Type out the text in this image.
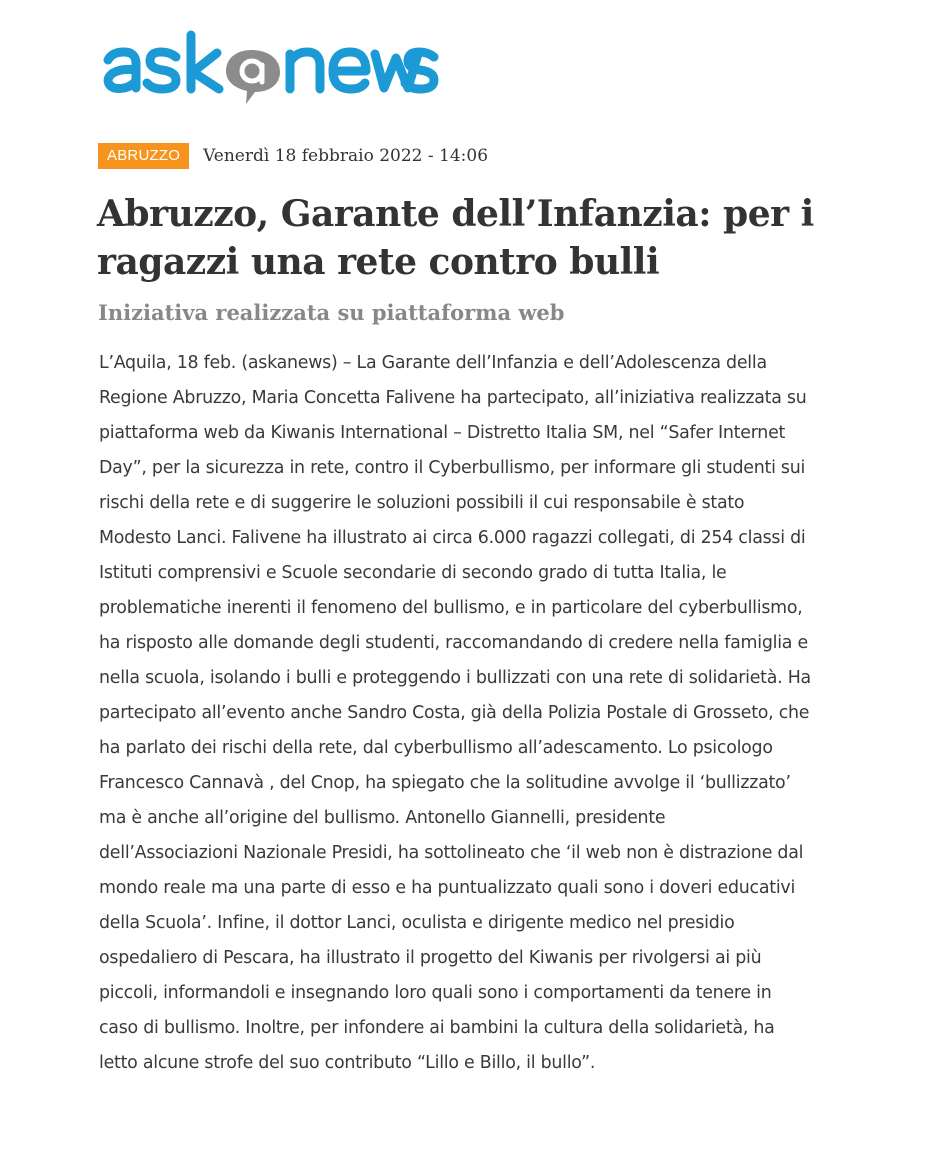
ABRUZZO	Venerdì 18 febbraio 2022 - 14:06
Abruzzo, Garante dell’Infanzia: per i
ragazzi una rete contro bulli
Iniziativa realizzata su piattaforma web
L’Aquila, 18 feb. (askanews) – La Garante dell’Infanzia e dell’Adolescenza della
Regione Abruzzo, Maria Concetta Falivene ha partecipato, all’iniziativa realizzata su
piattaforma web da Kiwanis International – Distretto Italia SM, nel “Safer Internet
Day”, per la sicurezza in rete, contro il Cyberbullismo, per informare gli studenti sui
rischi della rete e di suggerire le soluzioni possibili il cui responsabile è stato
Modesto Lanci. Falivene ha illustrato ai circa 6.000 ragazzi collegati, di 254 classi di
Istituti comprensivi e Scuole secondarie di secondo grado di tutta Italia, le
problematiche inerenti il fenomeno del bullismo, e in particolare del cyberbullismo,
ha risposto alle domande degli studenti, raccomandando di credere nella famiglia e
nella scuola, isolando i bulli e proteggendo i bullizzati con una rete di solidarietà. Ha
partecipato all’evento anche Sandro Costa, già della Polizia Postale di Grosseto, che
ha parlato dei rischi della rete, dal cyberbullismo all’adescamento. Lo psicologo
Francesco Cannavà , del Cnop, ha spiegato che la solitudine avvolge il ‘bullizzato’
ma è anche all’origine del bullismo. Antonello Giannelli, presidente
dell’Associazioni Nazionale Presidi, ha sottolineato che ‘il web non è distrazione dal
mondo reale ma una parte di esso e ha puntualizzato quali sono i doveri educativi
della Scuola’. Infine, il dottor Lanci, oculista e dirigente medico nel presidio
ospedaliero di Pescara, ha illustrato il progetto del Kiwanis per rivolgersi ai più
piccoli, informandoli e insegnando loro quali sono i comportamenti da tenere in
caso di bullismo. Inoltre, per infondere ai bambini la cultura della solidarietà, ha
letto alcune strofe del suo contributo “Lillo e Billo, il bullo”.
